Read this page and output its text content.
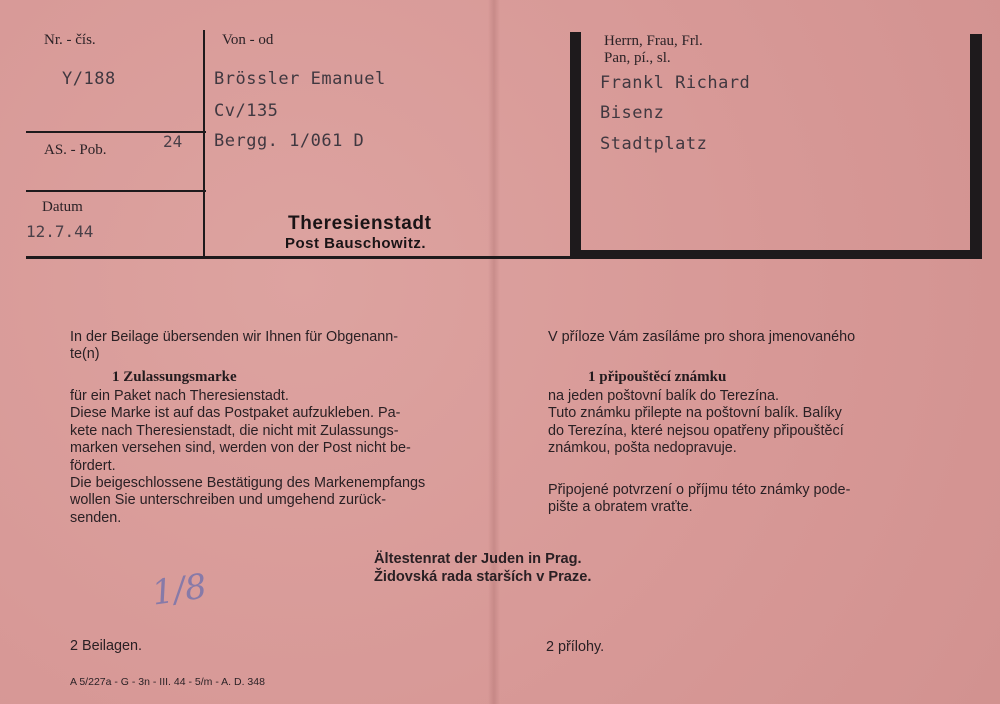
Nr. - čís.

Y/188

AS. - Pob.	24

Datum

12.7.44

Von - od

Brössler Emanuel

Cv/135

Bergg. 1/061 D

Theresienstadt

Post Bauschowitz.

Herrn, Frau, Frl.

Pan, pí., sl.

Frankl Richard

Bisenz

Stadtplatz

In der Beilage übersenden wir Ihnen für Obgenann-

te(n)

1 Zulassungsmarke

für ein Paket nach Theresienstadt.

Diese Marke ist auf das Postpaket aufzukleben. Pa-

kete nach Theresienstadt, die nicht mit Zulassungs-

marken versehen sind, werden von der Post nicht be-

fördert.

Die beigeschlossene Bestätigung des Markenempfangs

wollen Sie unterschreiben und umgehend zurück-

senden.

V příloze Vám zasíláme pro shora jmenovaného

1 připouštěcí známku

na jeden poštovní balík do Terezína.

Tuto známku přilepte na poštovní balík. Balíky

do Terezína, které nejsou opatřeny připouštěcí

známkou, pošta nedopravuje.

Připojené potvrzení o příjmu této známky pode-

pište a obratem vraťte.

Ältestenrat der Juden in Prag.

Židovská rada starších v Praze.

1/8

2 Beilagen.	2 přílohy.

A 5/227a - G - 3n - III. 44 - 5/m - A. D. 348
